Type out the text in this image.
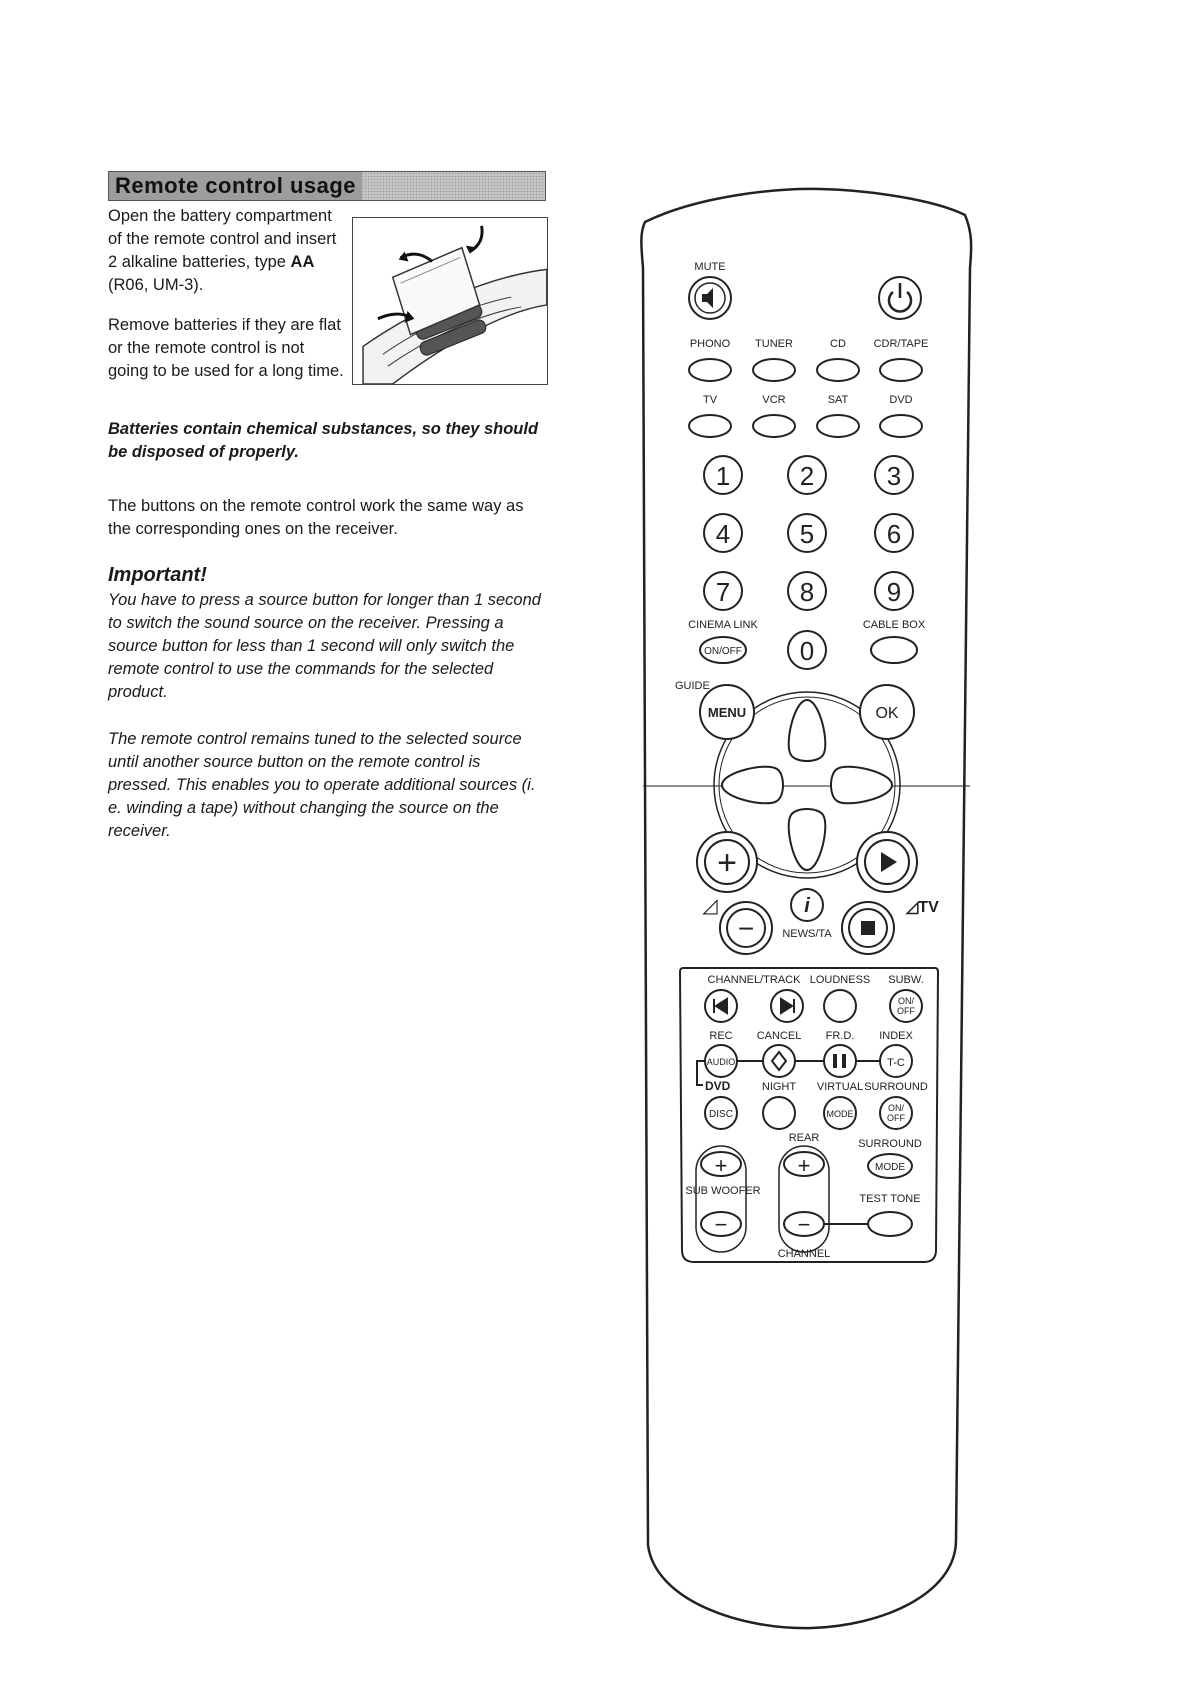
Remote control usage

Open the battery compartment of the remote control and insert 2 alkaline batteries, type AA (R06, UM-3).

Remove batteries if they are flat or the remote control is not going to be used for a long time.

Batteries contain chemical substances, so they should be disposed of properly.

The buttons on the remote control work the same way as the corresponding ones on the receiver.

Important!

You have to press a source button for longer than 1 second to switch the sound source on the receiver. Pressing a source button for less than 1 second will only switch the remote control to use the commands for the selected product.

The remote control remains tuned to the selected source until another source button on the remote control is pressed. This enables you to operate additional sources (i. e. winding a tape) without changing the source on the receiver.

MUTE
PHONO TUNER	CD	CDR/TAPE
TV	VCR	SAT	DVD
1	2	3
4	5	6
7	8	9
0
CINEMA LINK
ON/OFF
CABLE BOX
GUIDE
MENU	OK
+
◿	i	◿TV
−	NEWS/TA
CHANNEL/TRACK LOUDNESS SUBW.
ON/
OFF
REC CANCEL FR.D. INDEX
AUDIO	T-C
DVD	NIGHT VIRTUAL SURROUND
DISC	MODE
ON/
OFF
REAR	SURROUND
MODE
+
SUB WOOFER
−
+
−
CHANNEL
TEST TONE
